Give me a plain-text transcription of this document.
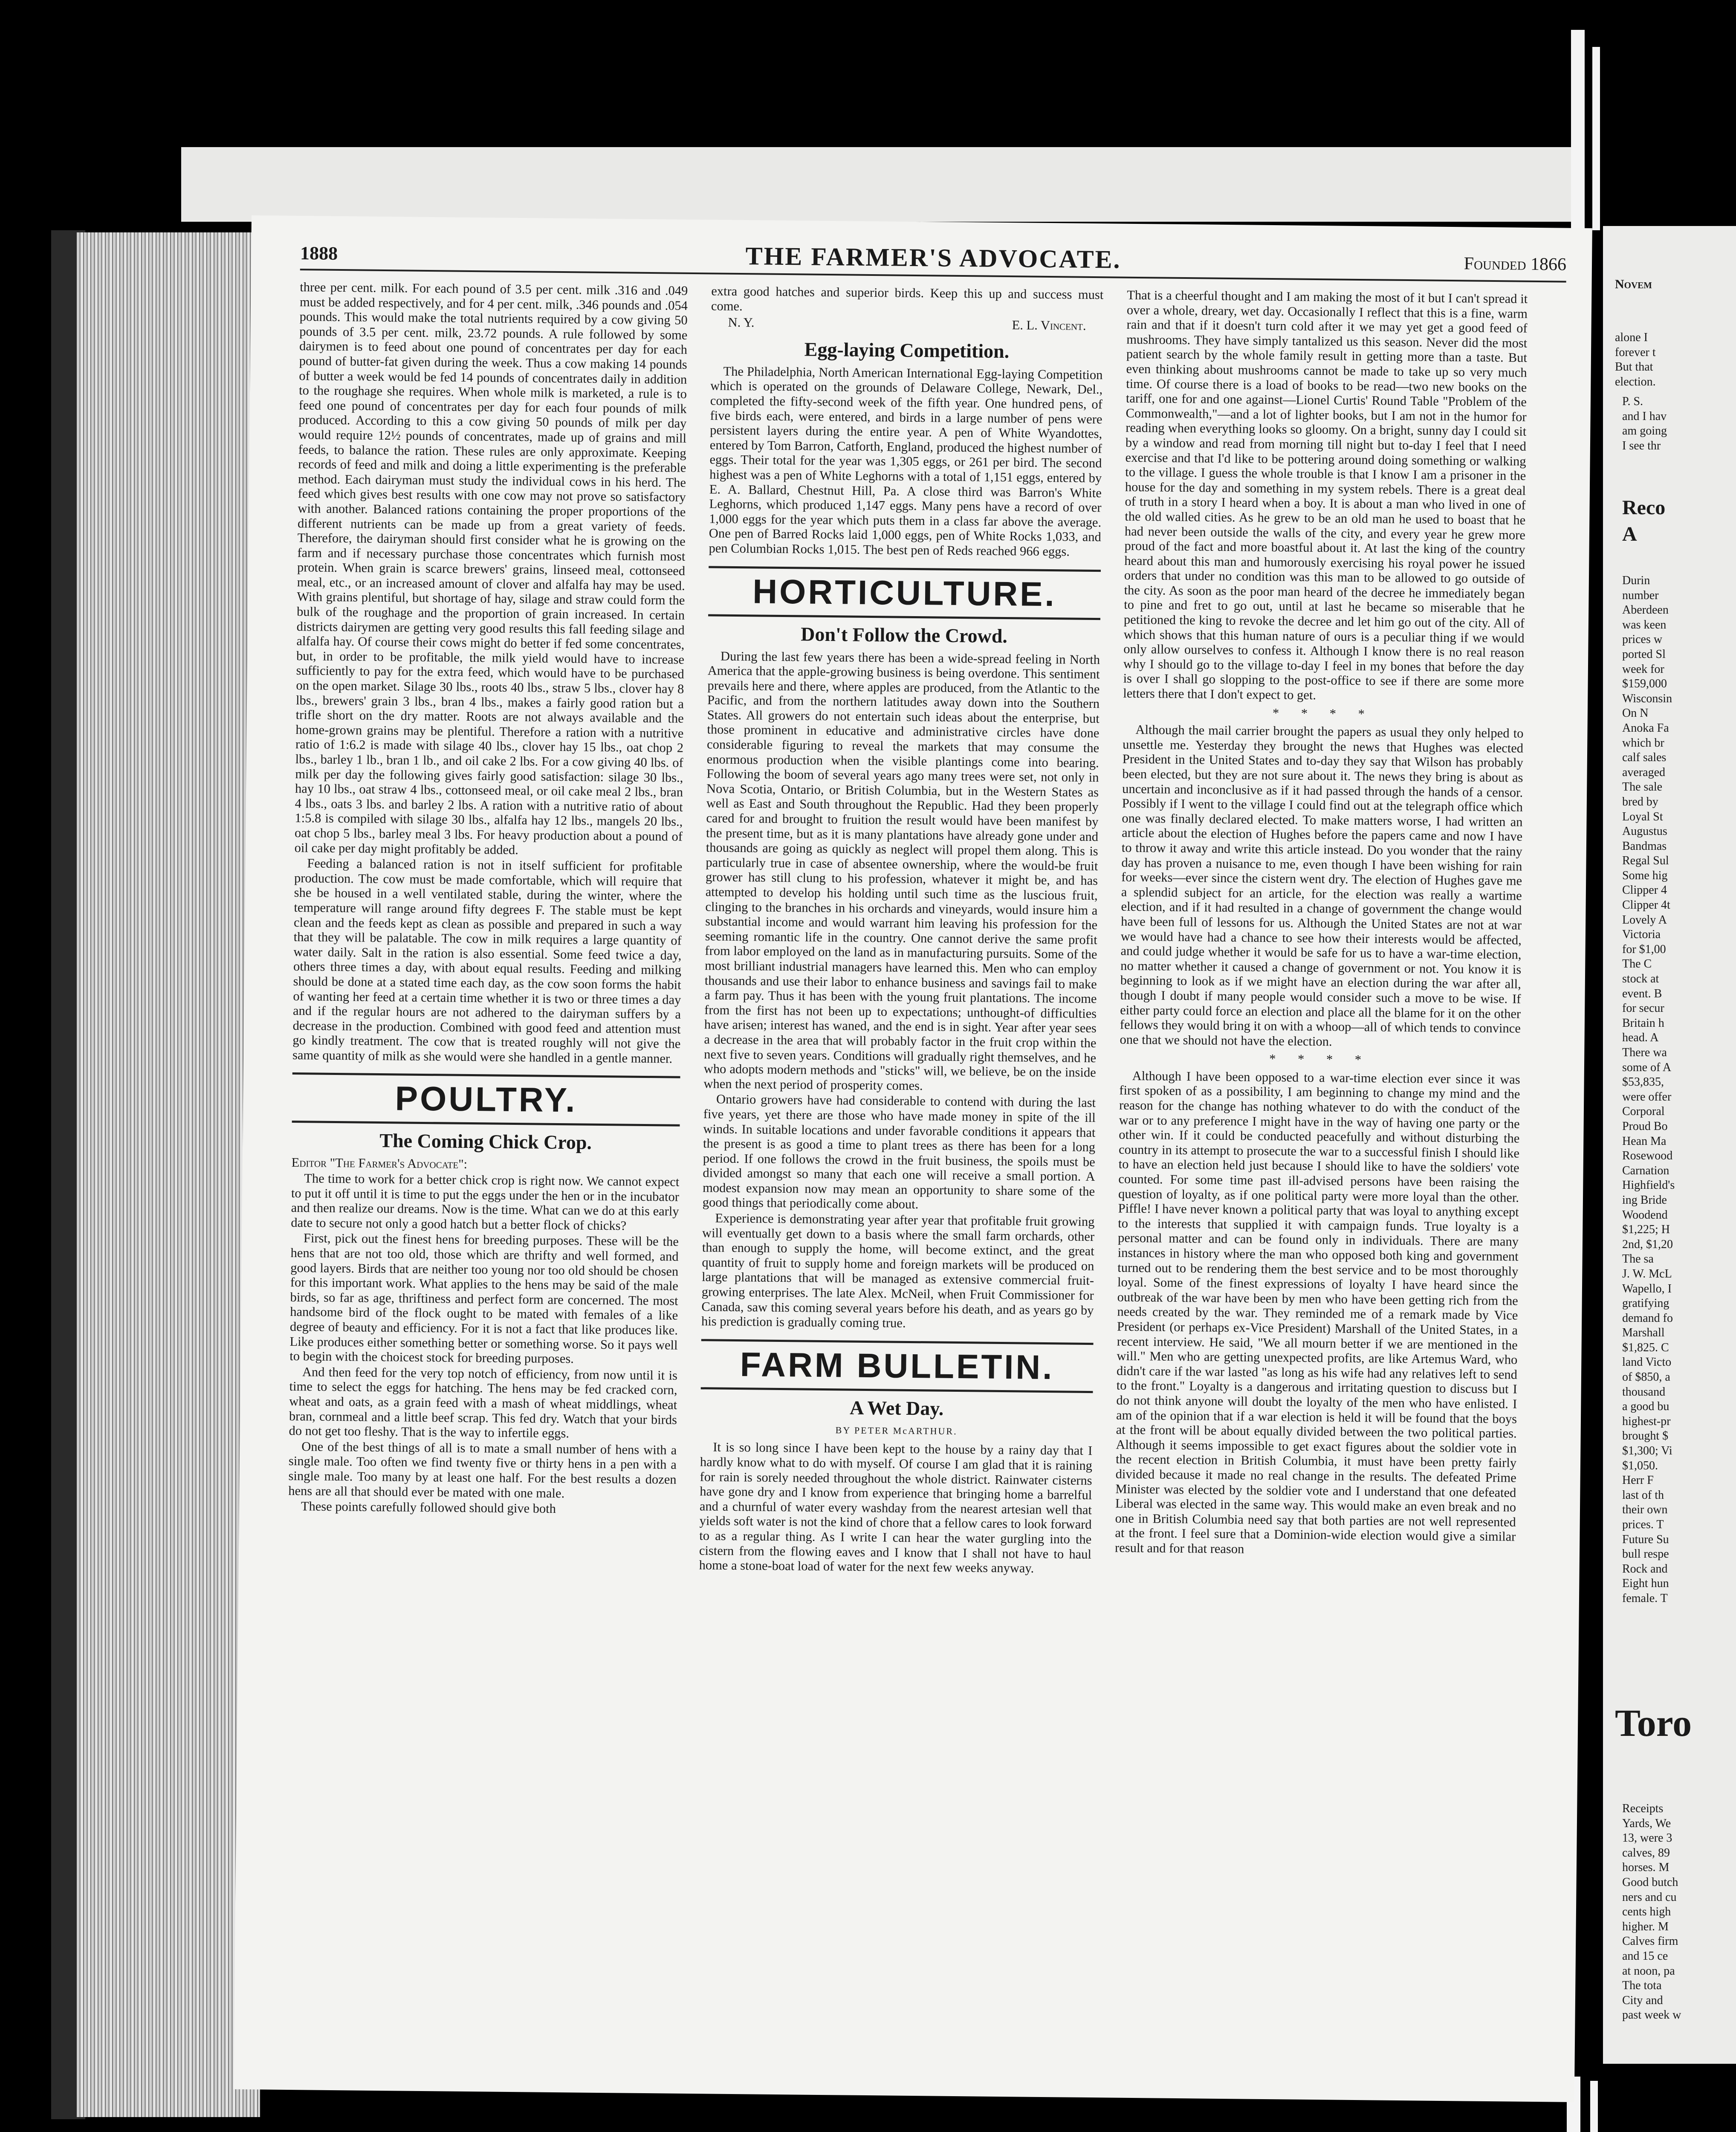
1888	THE FARMER'S ADVOCATE.	Founded 1866

three per cent. milk. For each pound of 3.5 per cent. milk .316 and .049 must be added respectively, and for 4 per cent. milk, .346 pounds and .054 pounds. This would make the total nutrients required by a cow giving 50 pounds of 3.5 per cent. milk, 23.72 pounds. A rule followed by some dairymen is to feed about one pound of concentrates per day for each pound of butter-fat given during the week. Thus a cow making 14 pounds of butter a week would be fed 14 pounds of concentrates daily in addition to the roughage she requires. When whole milk is marketed, a rule is to feed one pound of concentrates per day for each four pounds of milk produced. According to this a cow giving 50 pounds of milk per day would require 12½ pounds of concentrates, made up of grains and mill feeds, to balance the ration. These rules are only approximate. Keeping records of feed and milk and doing a little experimenting is the preferable method. Each dairyman must study the individual cows in his herd. The feed which gives best results with one cow may not prove so satisfactory with another. Balanced rations containing the proper proportions of the different nutrients can be made up from a great variety of feeds. Therefore, the dairyman should first consider what he is growing on the farm and if necessary purchase those concentrates which furnish most protein. When grain is scarce brewers' grains, linseed meal, cottonseed meal, etc., or an increased amount of clover and alfalfa hay may be used. With grains plentiful, but shortage of hay, silage and straw could form the bulk of the roughage and the proportion of grain increased. In certain districts dairymen are getting very good results this fall feeding silage and alfalfa hay. Of course their cows might do better if fed some concentrates, but, in order to be profitable, the milk yield would have to increase sufficiently to pay for the extra feed, which would have to be purchased on the open market. Silage 30 lbs., roots 40 lbs., straw 5 lbs., clover hay 8 lbs., brewers' grain 3 lbs., bran 4 lbs., makes a fairly good ration but a trifle short on the dry matter. Roots are not always available and the home-grown grains may be plentiful. Therefore a ration with a nutritive ratio of 1:6.2 is made with silage 40 lbs., clover hay 15 lbs., oat chop 2 lbs., barley 1 lb., bran 1 lb., and oil cake 2 lbs. For a cow giving 40 lbs. of milk per day the following gives fairly good satisfaction: silage 30 lbs., hay 10 lbs., oat straw 4 lbs., cottonseed meal, or oil cake meal 2 lbs., bran 4 lbs., oats 3 lbs. and barley 2 lbs. A ration with a nutritive ratio of about 1:5.8 is compiled with silage 30 lbs., alfalfa hay 12 lbs., mangels 20 lbs., oat chop 5 lbs., barley meal 3 lbs. For heavy production about a pound of oil cake per day might profitably be added.

Feeding a balanced ration is not in itself sufficient for profitable production. The cow must be made comfortable, which will require that she be housed in a well ventilated stable, during the winter, where the temperature will range around fifty degrees F. The stable must be kept clean and the feeds kept as clean as possible and prepared in such a way that they will be palatable. The cow in milk requires a large quantity of water daily. Salt in the ration is also essential. Some feed twice a day, others three times a day, with about equal results. Feeding and milking should be done at a stated time each day, as the cow soon forms the habit of wanting her feed at a certain time whether it is two or three times a day and if the regular hours are not adhered to the dairyman suffers by a decrease in the production. Combined with good feed and attention must go kindly treatment. The cow that is treated roughly will not give the same quantity of milk as she would were she handled in a gentle manner.

POULTRY.
The Coming Chick Crop.

Editor "The Farmer's Advocate":

The time to work for a better chick crop is right now. We cannot expect to put it off until it is time to put the eggs under the hen or in the incubator and then realize our dreams. Now is the time. What can we do at this early date to secure not only a good hatch but a better flock of chicks?

First, pick out the finest hens for breeding purposes. These will be the hens that are not too old, those which are thrifty and well formed, and good layers. Birds that are neither too young nor too old should be chosen for this important work. What applies to the hens may be said of the male birds, so far as age, thriftiness and perfect form are concerned. The most handsome bird of the flock ought to be mated with females of a like degree of beauty and efficiency. For it is not a fact that like produces like. Like produces either something better or something worse. So it pays well to begin with the choicest stock for breeding purposes.

And then feed for the very top notch of efficiency, from now until it is time to select the eggs for hatching. The hens may be fed cracked corn, wheat and oats, as a grain feed with a mash of wheat middlings, wheat bran, cornmeal and a little beef scrap. This fed dry. Watch that your birds do not get too fleshy. That is the way to infertile eggs.

One of the best things of all is to mate a small number of hens with a single male. Too often we find twenty five or thirty hens in a pen with a single male. Too many by at least one half. For the best results a dozen hens are all that should ever be mated with one male.

These points carefully followed should give both

extra good hatches and superior birds. Keep this up and success must come.

N. Y.	E. L. Vincent.
Egg-laying Competition.

The Philadelphia, North American International Egg-laying Competition which is operated on the grounds of Delaware College, Newark, Del., completed the fifty-second week of the fifth year. One hundred pens, of five birds each, were entered, and birds in a large number of pens were persistent layers during the entire year. A pen of White Wyandottes, entered by Tom Barron, Catforth, England, produced the highest number of eggs. Their total for the year was 1,305 eggs, or 261 per bird. The second highest was a pen of White Leghorns with a total of 1,151 eggs, entered by E. A. Ballard, Chestnut Hill, Pa. A close third was Barron's White Leghorns, which produced 1,147 eggs. Many pens have a record of over 1,000 eggs for the year which puts them in a class far above the average. One pen of Barred Rocks laid 1,000 eggs, pen of White Rocks 1,033, and pen Columbian Rocks 1,015. The best pen of Reds reached 966 eggs.

HORTICULTURE.
Don't Follow the Crowd.

During the last few years there has been a wide-spread feeling in North America that the apple-growing business is being overdone. This sentiment prevails here and there, where apples are produced, from the Atlantic to the Pacific, and from the northern latitudes away down into the Southern States. All growers do not entertain such ideas about the enterprise, but those prominent in educative and administrative circles have done considerable figuring to reveal the markets that may consume the enormous production when the visible plantings come into bearing. Following the boom of several years ago many trees were set, not only in Nova Scotia, Ontario, or British Columbia, but in the Western States as well as East and South throughout the Republic. Had they been properly cared for and brought to fruition the result would have been manifest by the present time, but as it is many plantations have already gone under and thousands are going as quickly as neglect will propel them along. This is particularly true in case of absentee ownership, where the would-be fruit grower has still clung to his profession, whatever it might be, and has attempted to develop his holding until such time as the luscious fruit, clinging to the branches in his orchards and vineyards, would insure him a substantial income and would warrant him leaving his profession for the seeming romantic life in the country. One cannot derive the same profit from labor employed on the land as in manufacturing pursuits. Some of the most brilliant industrial managers have learned this. Men who can employ thousands and use their labor to enhance business and savings fail to make a farm pay. Thus it has been with the young fruit plantations. The income from the first has not been up to expectations; unthought-of difficulties have arisen; interest has waned, and the end is in sight. Year after year sees a decrease in the area that will probably factor in the fruit crop within the next five to seven years. Conditions will gradually right themselves, and he who adopts modern methods and "sticks" will, we believe, be on the inside when the next period of prosperity comes.

Ontario growers have had considerable to contend with during the last five years, yet there are those who have made money in spite of the ill winds. In suitable locations and under favorable conditions it appears that the present is as good a time to plant trees as there has been for a long period. If one follows the crowd in the fruit business, the spoils must be divided amongst so many that each one will receive a small portion. A modest expansion now may mean an opportunity to share some of the good things that periodically come about.

Experience is demonstrating year after year that profitable fruit growing will eventually get down to a basis where the small farm orchards, other than enough to supply the home, will become extinct, and the great quantity of fruit to supply home and foreign markets will be produced on large plantations that will be managed as extensive commercial fruit-growing enterprises. The late Alex. McNeil, when Fruit Commissioner for Canada, saw this coming several years before his death, and as years go by his prediction is gradually coming true.

FARM BULLETIN.
A Wet Day.
BY PETER McARTHUR.

It is so long since I have been kept to the house by a rainy day that I hardly know what to do with myself. Of course I am glad that it is raining for rain is sorely needed throughout the whole district. Rainwater cisterns have gone dry and I know from experience that bringing home a barrelful and a churnful of water every washday from the nearest artesian well that yields soft water is not the kind of chore that a fellow cares to look forward to as a regular thing. As I write I can hear the water gurgling into the cistern from the flowing eaves and I know that I shall not have to haul home a stone-boat load of water for the next few weeks anyway.

That is a cheerful thought and I am making the most of it but I can't spread it over a whole, dreary, wet day. Occasionally I reflect that this is a fine, warm rain and that if it doesn't turn cold after it we may yet get a good feed of mushrooms. They have simply tantalized us this season. Never did the most patient search by the whole family result in getting more than a taste. But even thinking about mushrooms cannot be made to take up so very much time. Of course there is a load of books to be read—two new books on the tariff, one for and one against—Lionel Curtis' Round Table "Problem of the Commonwealth,"—and a lot of lighter books, but I am not in the humor for reading when everything looks so gloomy. On a bright, sunny day I could sit by a window and read from morning till night but to-day I feel that I need exercise and that I'd like to be pottering around doing something or walking to the village. I guess the whole trouble is that I know I am a prisoner in the house for the day and something in my system rebels. There is a great deal of truth in a story I heard when a boy. It is about a man who lived in one of the old walled cities. As he grew to be an old man he used to boast that he had never been outside the walls of the city, and every year he grew more proud of the fact and more boastful about it. At last the king of the country heard about this man and humorously exercising his royal power he issued orders that under no condition was this man to be allowed to go outside of the city. As soon as the poor man heard of the decree he immediately began to pine and fret to go out, until at last he became so miserable that he petitioned the king to revoke the decree and let him go out of the city. All of which shows that this human nature of ours is a peculiar thing if we would only allow ourselves to confess it. Although I know there is no real reason why I should go to the village to-day I feel in my bones that before the day is over I shall go slopping to the post-office to see if there are some more letters there that I don't expect to get.

* * * *

Although the mail carrier brought the papers as usual they only helped to unsettle me. Yesterday they brought the news that Hughes was elected President in the United States and to-day they say that Wilson has probably been elected, but they are not sure about it. The news they bring is about as uncertain and inconclusive as if it had passed through the hands of a censor. Possibly if I went to the village I could find out at the telegraph office which one was finally declared elected. To make matters worse, I had written an article about the election of Hughes before the papers came and now I have to throw it away and write this article instead. Do you wonder that the rainy day has proven a nuisance to me, even though I have been wishing for rain for weeks—ever since the cistern went dry. The election of Hughes gave me a splendid subject for an article, for the election was really a wartime election, and if it had resulted in a change of government the change would have been full of lessons for us. Although the United States are not at war we would have had a chance to see how their interests would be affected, and could judge whether it would be safe for us to have a war-time election, no matter whether it caused a change of government or not. You know it is beginning to look as if we might have an election during the war after all, though I doubt if many people would consider such a move to be wise. If either party could force an election and place all the blame for it on the other fellows they would bring it on with a whoop—all of which tends to convince one that we should not have the election.

* * * *

Although I have been opposed to a war-time election ever since it was first spoken of as a possibility, I am beginning to change my mind and the reason for the change has nothing whatever to do with the conduct of the war or to any preference I might have in the way of having one party or the other win. If it could be conducted peacefully and without disturbing the country in its attempt to prosecute the war to a successful finish I should like to have an election held just because I should like to have the soldiers' vote counted. For some time past ill-advised persons have been raising the question of loyalty, as if one political party were more loyal than the other. Piffle! I have never known a political party that was loyal to anything except to the interests that supplied it with campaign funds. True loyalty is a personal matter and can be found only in individuals. There are many instances in history where the man who opposed both king and government turned out to be rendering them the best service and to be most thoroughly loyal. Some of the finest expressions of loyalty I have heard since the outbreak of the war have been by men who have been getting rich from the needs created by the war. They reminded me of a remark made by Vice President (or perhaps ex-Vice President) Marshall of the United States, in a recent interview. He said, "We all mourn better if we are mentioned in the will." Men who are getting unexpected profits, are like Artemus Ward, who didn't care if the war lasted "as long as his wife had any relatives left to send to the front." Loyalty is a dangerous and irritating question to discuss but I do not think anyone will doubt the loyalty of the men who have enlisted. I am of the opinion that if a war election is held it will be found that the boys at the front will be about equally divided between the two political parties. Although it seems impossible to get exact figures about the soldier vote in the recent election in British Columbia, it must have been pretty fairly divided because it made no real change in the results. The defeated Prime Minister was elected by the soldier vote and I understand that one defeated Liberal was elected in the same way. This would make an even break and no one in British Columbia need say that both parties are not well represented at the front. I feel sure that a Dominion-wide election would give a similar result and for that reason

Novem
alone I
forever t
But that
election.
P. S.
and I hav
am going
I see thr
Reco
A
Durin
number
Aberdeen
was keen
prices w
ported Sl
week for
$159,000
Wisconsin
On N
Anoka Fa
which br
calf sales
averaged
The sale
bred by
Loyal St
Augustus
Bandmas
Regal Sul
Some hig
Clipper 4
Clipper 4t
Lovely A
Victoria
for $1,00
The C
stock at
event. B
for secur
Britain h
head. A
There wa
some of A
$53,835,
were offer
Corporal
Proud Bo
Hean Ma
Rosewood
Carnation
Highfield's
ing Bride
Woodend
$1,225; H
2nd, $1,20
The sa
J. W. McL
Wapello, I
gratifying
demand fo
Marshall
$1,825. C
land Victo
of $850, a
thousand
a good bu
highest-pr
brought $
$1,300; Vi
$1,050.
Herr F
last of th
their own
prices. T
Future Su
bull respe
Rock and
Eight hun
female. T
Toro
Receipts
Yards, We
13, were 3
calves, 89
horses. M
Good butch
ners and cu
cents high
higher. M
Calves firm
and 15 ce
at noon, pa
The tota
City and
past week w
